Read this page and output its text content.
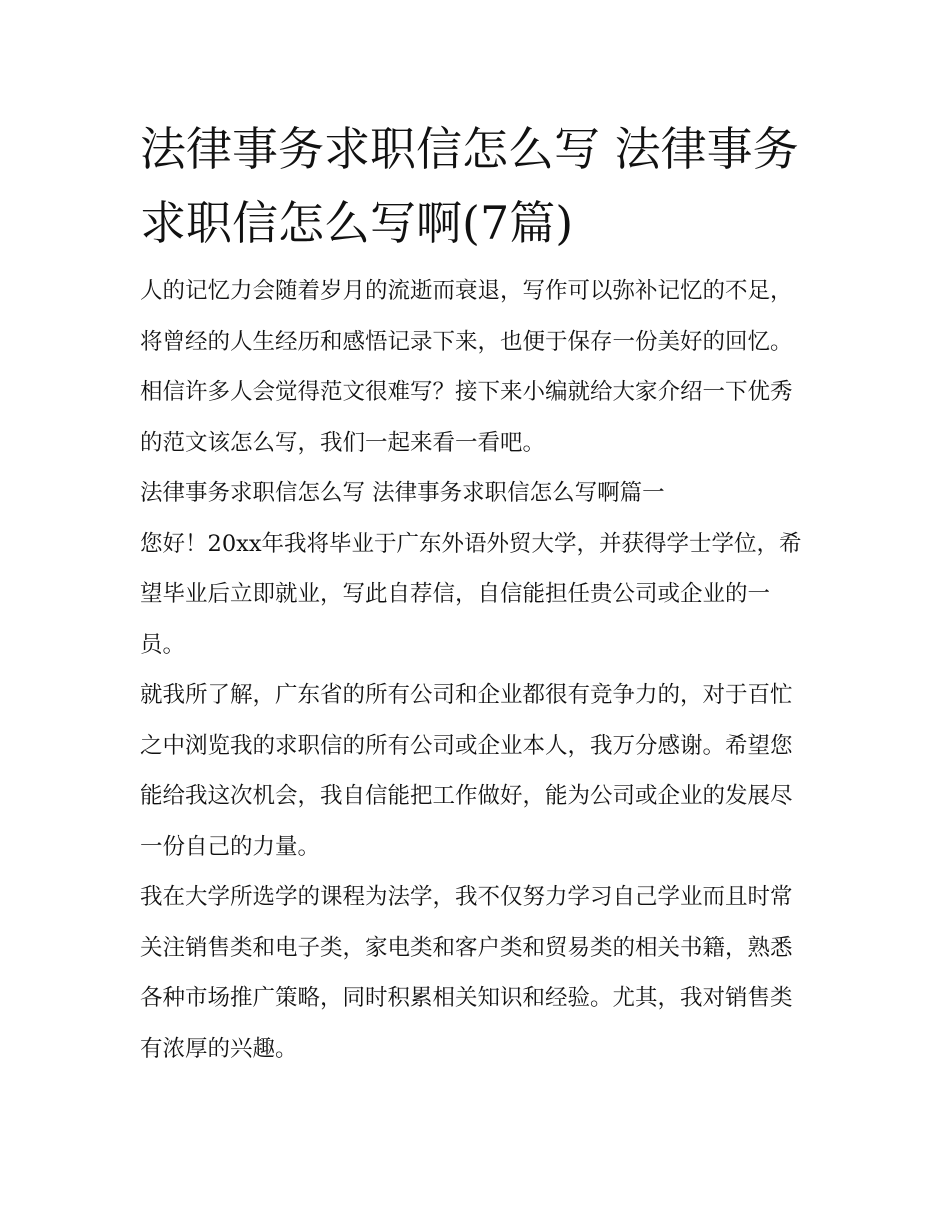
法律事务求职信怎么写 法律事务求职信怎么写啊(7篇)

人的记忆力会随着岁月的流逝而衰退，写作可以弥补记忆的不足，将曾经的人生经历和感悟记录下来，也便于保存一份美好的回忆。相信许多人会觉得范文很难写？接下来小编就给大家介绍一下优秀的范文该怎么写，我们一起来看一看吧。

法律事务求职信怎么写 法律事务求职信怎么写啊篇一

您好！20xx年我将毕业于广东外语外贸大学，并获得学士学位，希望毕业后立即就业，写此自荐信，自信能担任贵公司或企业的一员。

就我所了解，广东省的所有公司和企业都很有竞争力的，对于百忙之中浏览我的求职信的所有公司或企业本人，我万分感谢。希望您能给我这次机会，我自信能把工作做好，能为公司或企业的发展尽一份自己的力量。

我在大学所选学的课程为法学，我不仅努力学习自己学业而且时常关注销售类和电子类，家电类和客户类和贸易类的相关书籍，熟悉各种市场推广策略，同时积累相关知识和经验。尤其，我对销售类有浓厚的兴趣。
